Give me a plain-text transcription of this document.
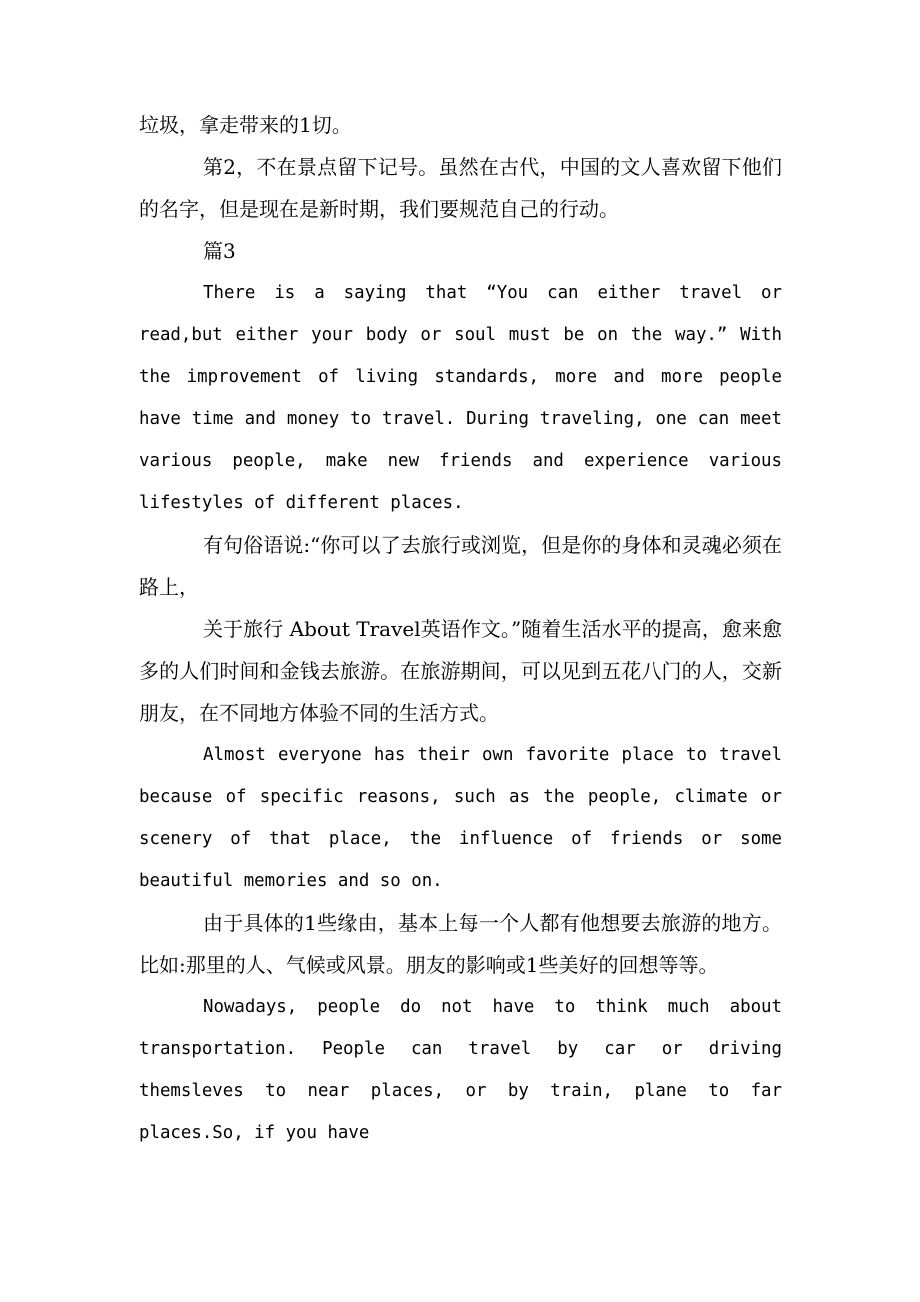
垃圾，拿走带来的1切。

第2，不在景点留下记号。虽然在古代，中国的文人喜欢留下他们的名字，但是现在是新时期，我们要规范自己的行动。

篇3

There is a saying that “You can either travel or read,but either your body or soul must be on the way.” With the improvement of living standards, more and more people have time and money to travel. During traveling, one can meet various people, make new friends and experience various lifestyles of different places.

有句俗语说:“你可以了去旅行或浏览，但是你的身体和灵魂必须在路上，

关于旅行 About Travel英语作文。”随着生活水平的提高，愈来愈多的人们时间和金钱去旅游。在旅游期间，可以见到五花八门的人，交新朋友，在不同地方体验不同的生活方式。

Almost everyone has their own favorite place to travel because of specific reasons, such as the people, climate or scenery of that place, the influence of friends or some beautiful memories and so on.

由于具体的1些缘由，基本上每一个人都有他想要去旅游的地方。比如:那里的人、气候或风景。朋友的影响或1些美好的回想等等。

Nowadays, people do not have to think much about transportation. People can travel by car or driving themsleves to near places, or by train, plane to far places.So, if you have
